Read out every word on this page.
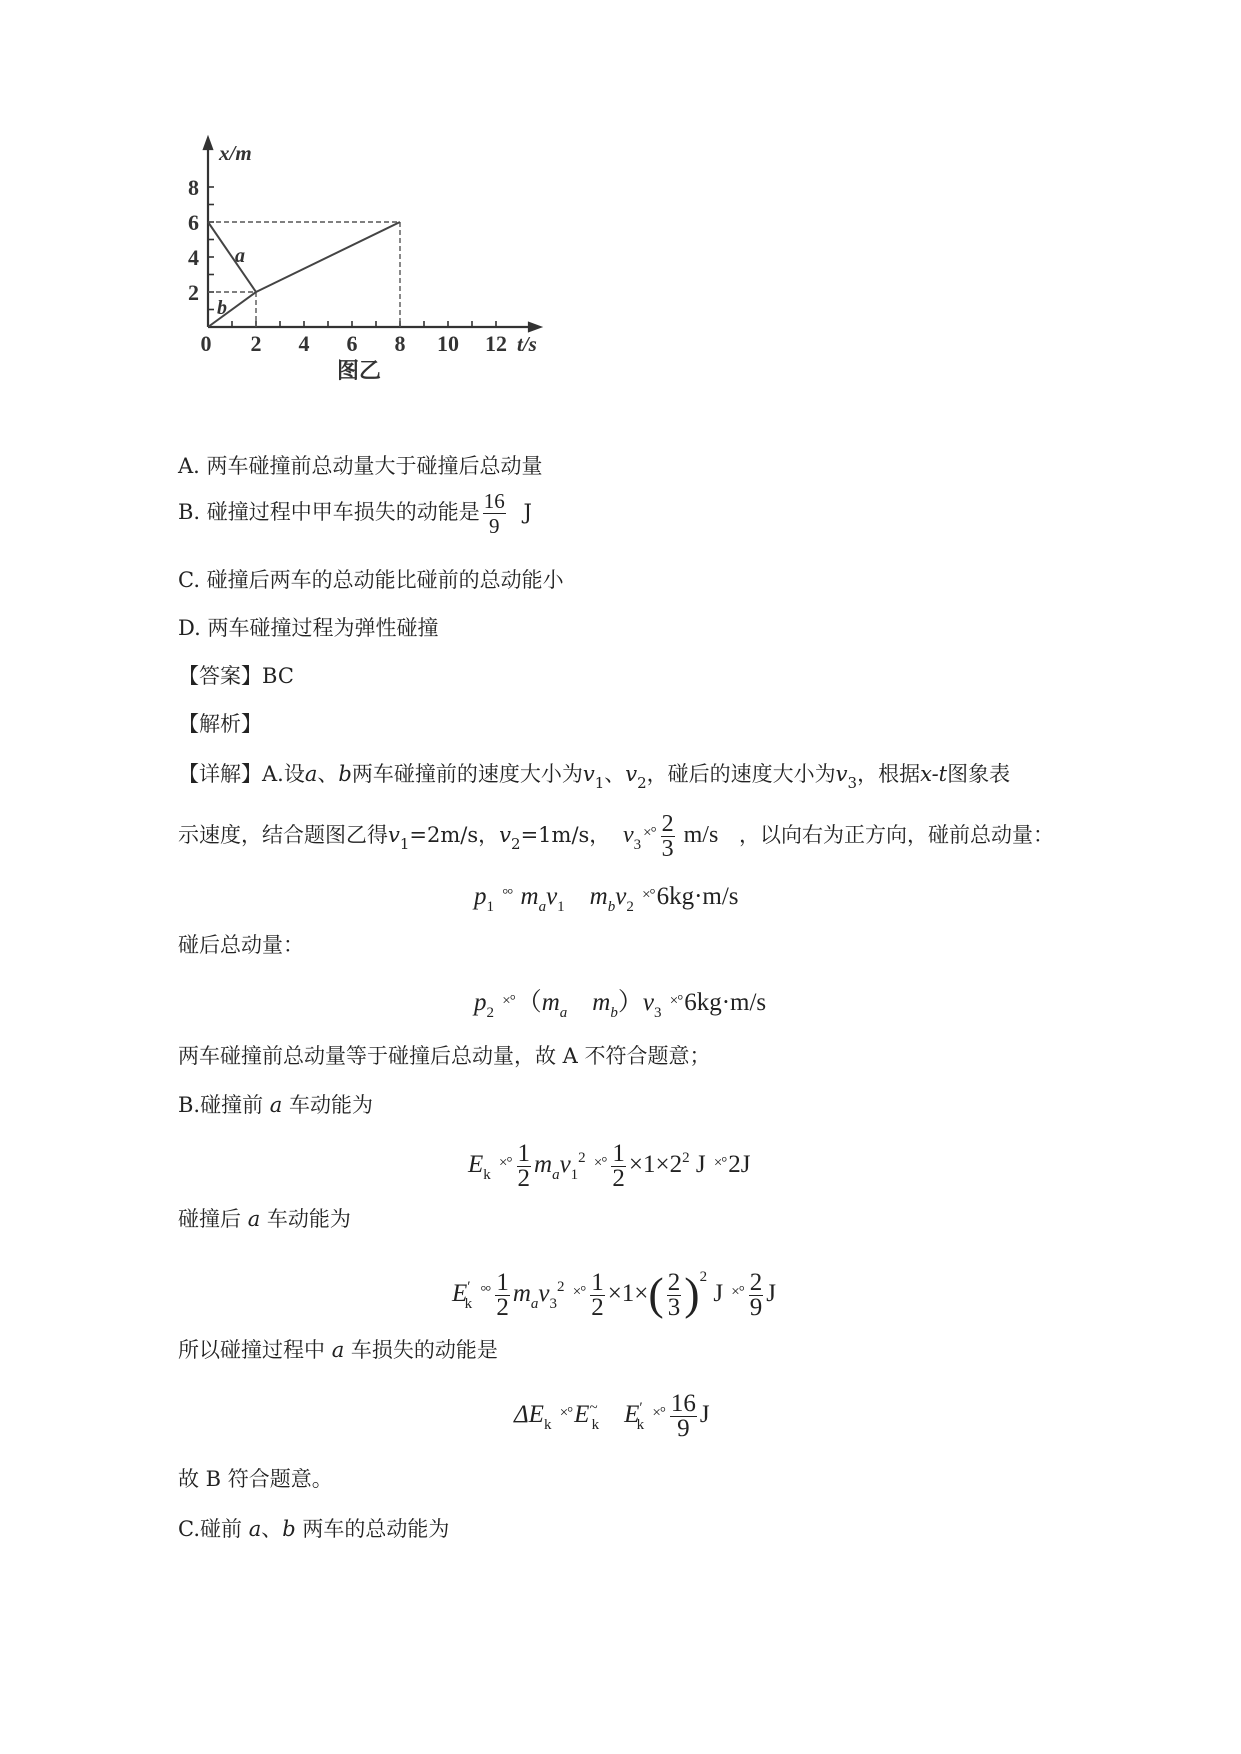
8
6
4
2
0 2 4 6 8 10 12
x/m
t/s
a
b
图乙
A. 两车碰撞前总动量大于碰撞后总动量
B. 碰撞过程中甲车损失的动能是 $\frac{16}{9}$ J
C. 碰撞后两车的总动能比碰前的总动能小
D. 两车碰撞过程为弹性碰撞
【答案】BC
【解析】
【详解】A.设a、b两车碰撞前的速度大小为$v_1$、$v_2$，碰后的速度大小为$v_3$，根据x-t图象表
示速度，结合题图乙得$v_1=2m/s$，$v_2=1m/s$， $v_3^{\times^\circ} \frac{2}{3} m/s$ ，以向右为正方向，碰前总动量：
$p_1$ °° $m_av_1$ $m_bv_2$ ×°6kg·m/s
碰后总动量：
$p_2$ $^{\times^\circ}(m_a$ $m_b)v_3$ ×°6kg·m/s
两车碰撞前总动量等于碰撞后总动量，故 A 不符合题意；
B.碰撞前 a 车动能为
$E_k$ $^{\times^\circ} \frac{1}{2} m_av_1^2$ $^{\times^\circ} \frac{1}{2} \times 1\times 2^2$ J ×°2J
碰撞后 a 车动能为
$E'_k$ $^{^\circ^\circ} \frac{1}{2} m_av_3^2$ $^{\times^\circ} \frac{1}{2} \times 1\times( \frac{2}{3} )^2$ J $^{\times^\circ} \frac{2}{9}$ J
所以碰撞过程中 a 车损失的动能是
$\Delta E_k$ $^{\times^\circ}E^\sim_k$ $E'_k$ $^{\times^\circ} \frac{16}{9}$ J
故 B 符合题意。
C.碰前 a、b 两车的总动能为
